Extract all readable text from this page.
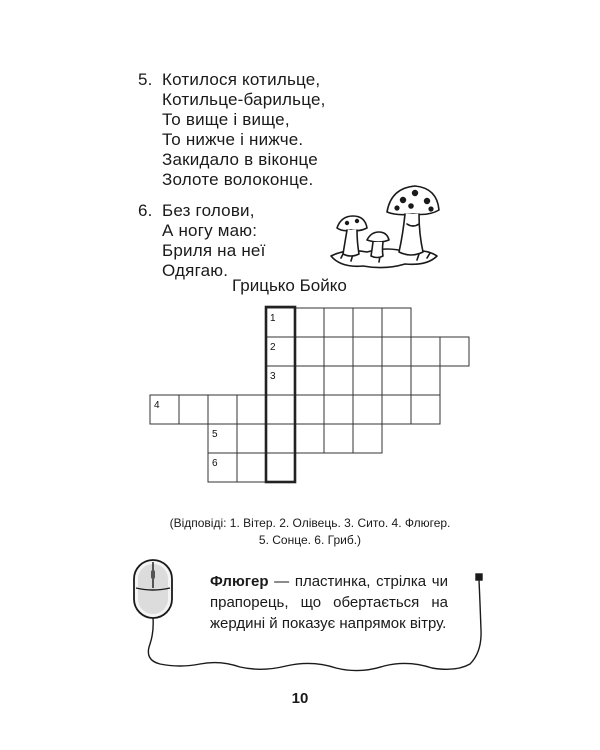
5. Котилося котильце,
Котильце-барильце,
То вище і вище,
То нижче і нижче.
Закидало в віконце
Золоте волоконце.
6. Без голови,
А ногу маю:
Бриля на неї
Одягаю.
Грицько Бойко
1
2
3
4
5
6
(Відповіді: 1. Вітер. 2. Олівець. 3. Сито. 4. Флюгер.
5. Сонце. 6. Гриб.)
Флюгер — пластинка, стрілка чи прапорець, що обертається на жердині й показує напрямок вітру.
10
